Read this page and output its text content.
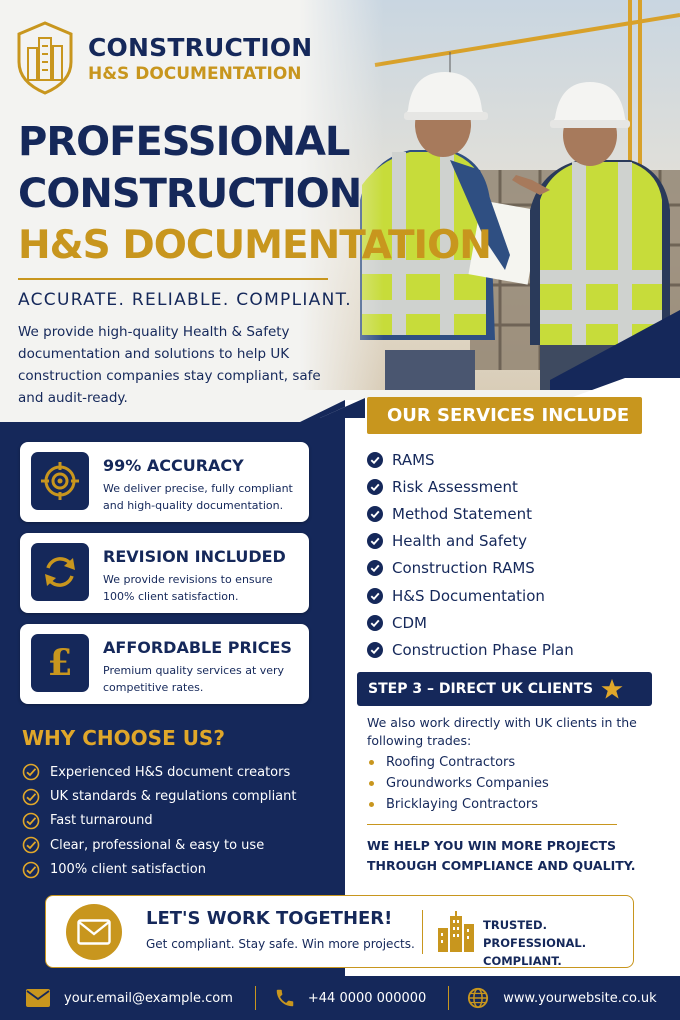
CONSTRUCTION
H&S DOCUMENTATION
PROFESSIONAL
CONSTRUCTION
H&S DOCUMENTATION
ACCURATE. RELIABLE. COMPLIANT.
We provide high-quality Health & Safety documentation and solutions to help UK construction companies stay compliant, safe and audit-ready.
99% ACCURACY
We deliver precise, fully compliant and high-quality documentation.
REVISION INCLUDED
We provide revisions to ensure 100% client satisfaction.
£ AFFORDABLE PRICES
Premium quality services at very competitive rates.
WHY CHOOSE US?
Experienced H&S document creators
UK standards & regulations compliant
Fast turnaround
Clear, professional & easy to use
100% client satisfaction
OUR SERVICES INCLUDE
RAMS
Risk Assessment
Method Statement
Health and Safety
Construction RAMS
H&S Documentation
CDM
Construction Phase Plan
STEP 3 – DIRECT UK CLIENTS
We also work directly with UK clients in the following trades:
Roofing Contractors
Groundworks Companies
Bricklaying Contractors
WE HELP YOU WIN MORE PROJECTS THROUGH COMPLIANCE AND QUALITY.
LET'S WORK TOGETHER!
Get compliant. Stay safe. Win more projects.
TRUSTED. PROFESSIONAL. COMPLIANT.
your.email@example.com	+44 0000 000000	www.yourwebsite.co.uk
